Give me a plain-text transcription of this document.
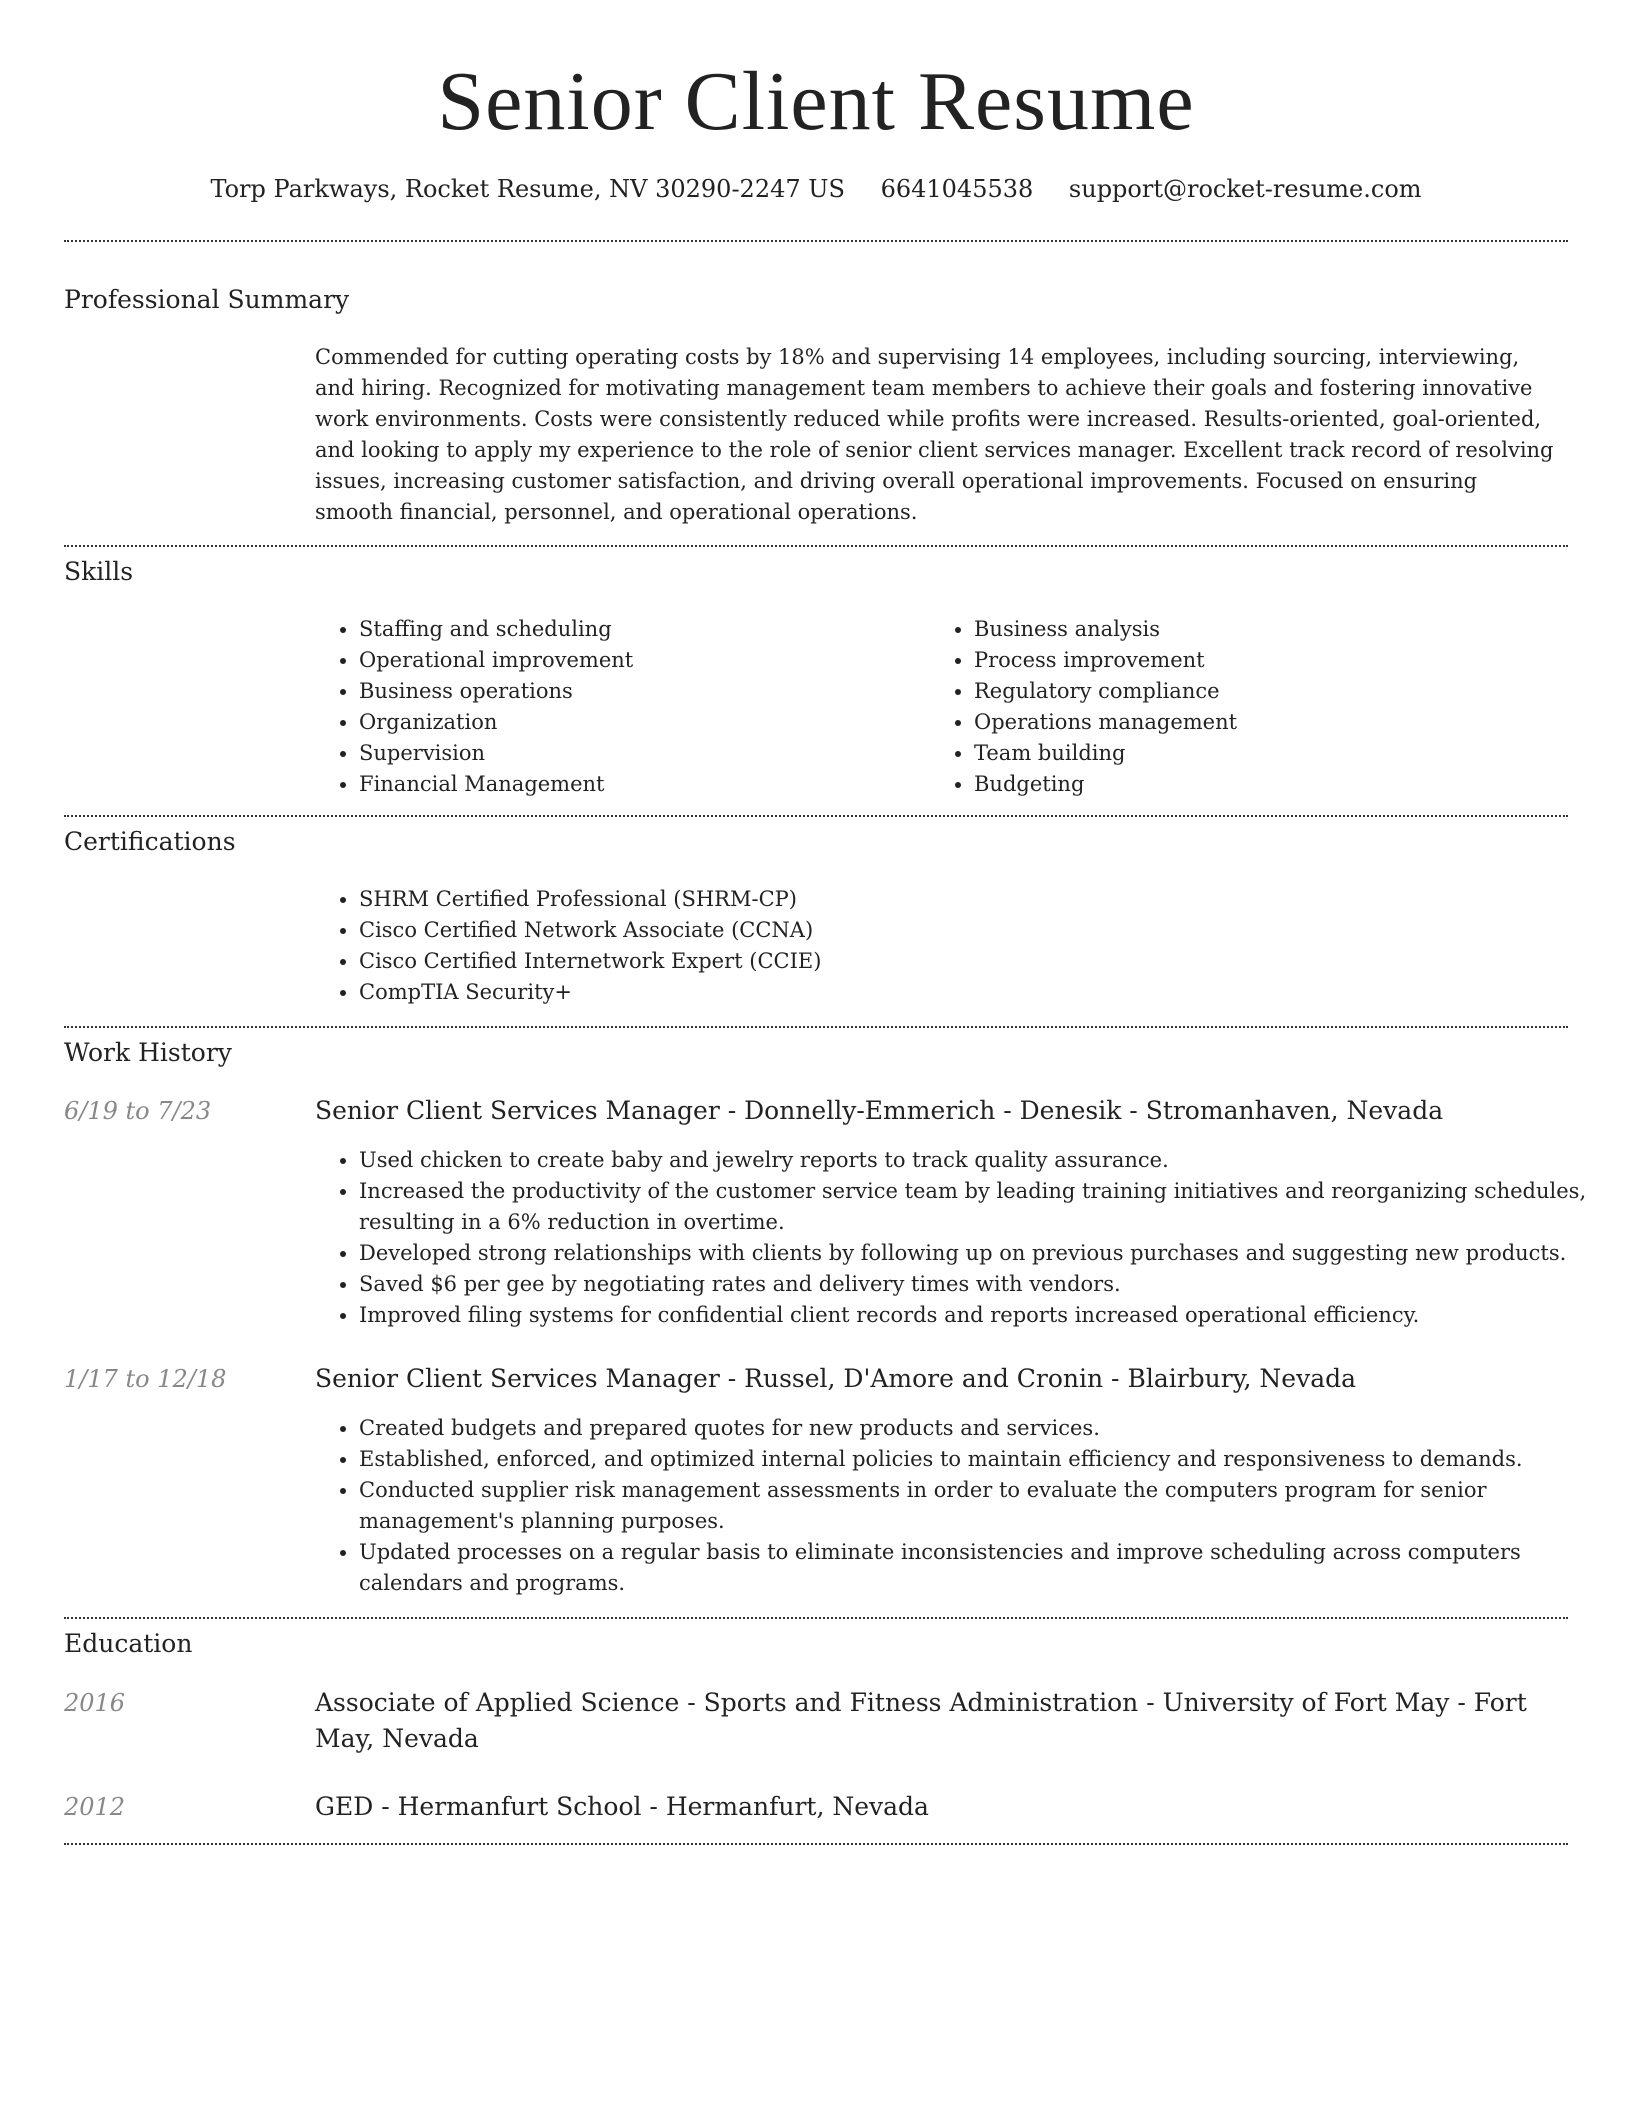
Senior Client Resume
Torp Parkways, Rocket Resume, NV 30290-2247 US 6641045538 support@rocket-resume.com
Professional Summary

Commended for cutting operating costs by 18% and supervising 14 employees, including sourcing, interviewing, and hiring. Recognized for motivating management team members to achieve their goals and fostering innovative work environments. Costs were consistently reduced while profits were increased. Results-oriented, goal-oriented, and looking to apply my experience to the role of senior client services manager. Excellent track record of resolving issues, increasing customer satisfaction, and driving overall operational improvements. Focused on ensuring smooth financial, personnel, and operational operations.

Skills
• Staffing and scheduling
• Operational improvement
• Business operations
• Organization
• Supervision
• Financial Management
• Business analysis
• Process improvement
• Regulatory compliance
• Operations management
• Team building
• Budgeting
Certifications
• SHRM Certified Professional (SHRM-CP)
• Cisco Certified Network Associate (CCNA)
• Cisco Certified Internetwork Expert (CCIE)
• CompTIA Security+
Work History
6/19 to 7/23	Senior Client Services Manager - Donnelly-Emmerich - Denesik - Stromanhaven, Nevada
• Used chicken to create baby and jewelry reports to track quality assurance.
• Increased the productivity of the customer service team by leading training initiatives and reorganizing schedules, resulting in a 6% reduction in overtime.
• Developed strong relationships with clients by following up on previous purchases and suggesting new products.
• Saved $6 per gee by negotiating rates and delivery times with vendors.
• Improved filing systems for confidential client records and reports increased operational efficiency.
1/17 to 12/18	Senior Client Services Manager - Russel, D'Amore and Cronin - Blairbury, Nevada
• Created budgets and prepared quotes for new products and services.
• Established, enforced, and optimized internal policies to maintain efficiency and responsiveness to demands.
• Conducted supplier risk management assessments in order to evaluate the computers program for senior management's planning purposes.
• Updated processes on a regular basis to eliminate inconsistencies and improve scheduling across computers calendars and programs.
Education
2016	Associate of Applied Science - Sports and Fitness Administration - University of Fort May - Fort May, Nevada
2012	GED - Hermanfurt School - Hermanfurt, Nevada
